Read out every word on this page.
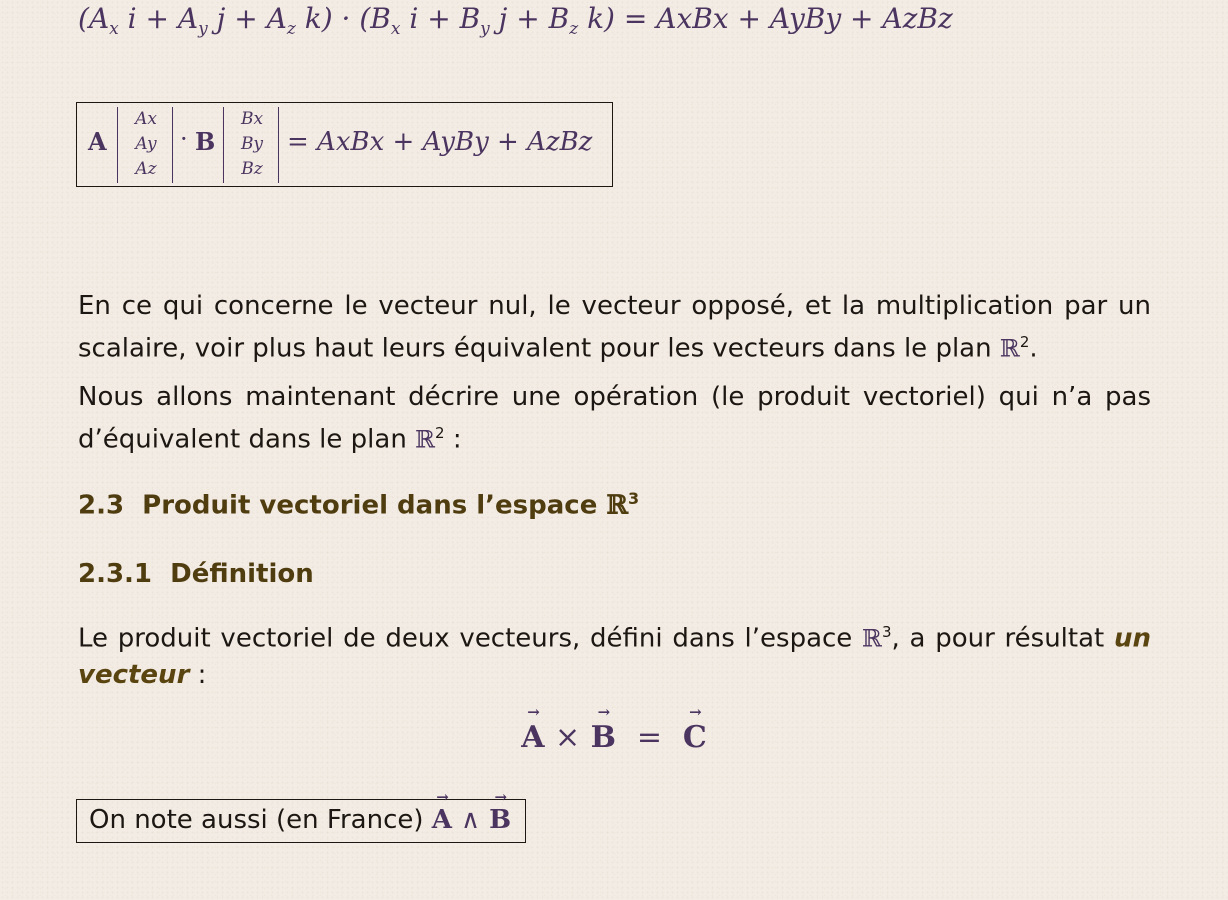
$(A_x \to i + A_y \to j + A_z \to k) \cdot (B_x \to i + B_y \to j + B_z \to k)$ = AxBx + AyBy + AzBz
A
Ax
Ay
Az
· B
Bx
By
Bz
= AxBx + AyBy + AzBz
En ce qui concerne le vecteur nul, le vecteur opposé, et la multiplication par un scalaire, voir plus haut leurs équivalent pour les vecteurs dans le plan ℝ$^2$.
Nous allons maintenant décrire une opération (le produit vectoriel) qui n’a pas d’équivalent dans le plan ℝ$^2$ :
2.3 Produit vectoriel dans l’espace ℝ$^3$
2.3.1 Définition
Le produit vectoriel de deux vecteurs, défini dans l’espace ℝ$^3$, a pour résultat un vecteur :
→ A × → B = → C
On note aussi (en France) → A ∧ → B
